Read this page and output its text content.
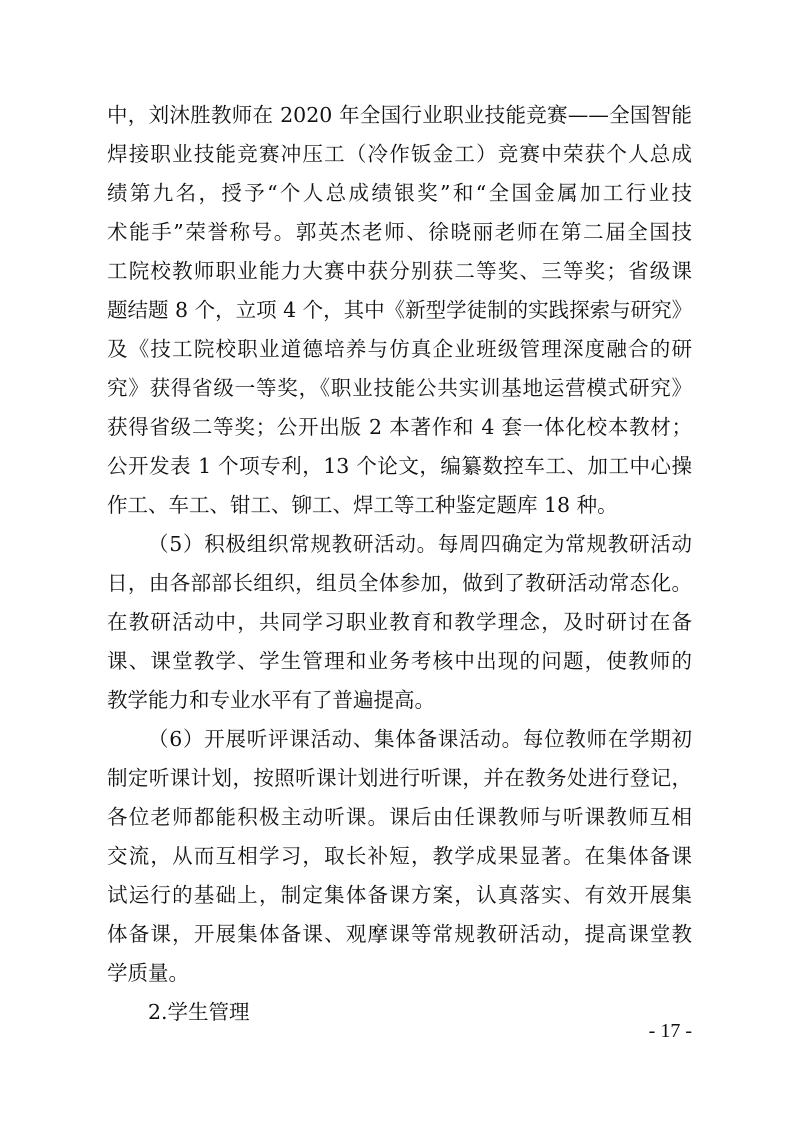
中，刘沐胜教师在 2020 年全国行业职业技能竞赛——全国智能
焊接职业技能竞赛冲压工（冷作钣金工）竞赛中荣获个人总成
绩第九名，授予“个人总成绩银奖”和“全国金属加工行业技
术能手”荣誉称号。郭英杰老师、徐晓丽老师在第二届全国技
工院校教师职业能力大赛中获分别获二等奖、三等奖；省级课
题结题 8 个，立项 4 个，其中《新型学徒制的实践探索与研究》
及《技工院校职业道德培养与仿真企业班级管理深度融合的研
究》获得省级一等奖，《职业技能公共实训基地运营模式研究》
获得省级二等奖；公开出版 2 本著作和 4 套一体化校本教材；
公开发表 1 个项专利，13 个论文，编纂数控车工、加工中心操
作工、车工、钳工、铆工、焊工等工种鉴定题库 18 种。
（5）积极组织常规教研活动。每周四确定为常规教研活动
日，由各部部长组织，组员全体参加，做到了教研活动常态化。
在教研活动中，共同学习职业教育和教学理念，及时研讨在备
课、课堂教学、学生管理和业务考核中出现的问题，使教师的
教学能力和专业水平有了普遍提高。
（6）开展听评课活动、集体备课活动。每位教师在学期初
制定听课计划，按照听课计划进行听课，并在教务处进行登记，
各位老师都能积极主动听课。课后由任课教师与听课教师互相
交流，从而互相学习，取长补短，教学成果显著。在集体备课
试运行的基础上，制定集体备课方案，认真落实、有效开展集
体备课，开展集体备课、观摩课等常规教研活动，提高课堂教
学质量。
2.学生管理
- 17 -
